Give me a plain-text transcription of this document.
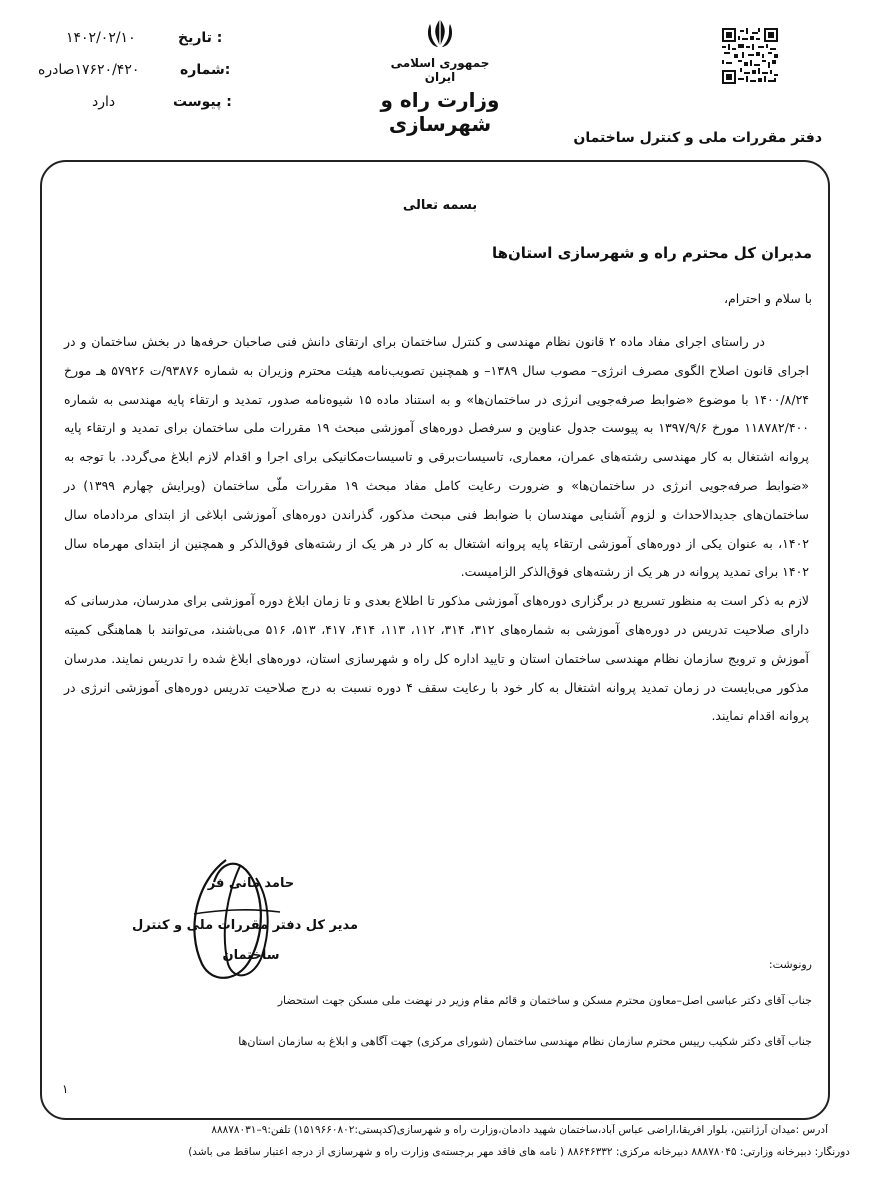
تاریخ :
۱۴۰۲/۰۲/۱۰
شماره:
۱۷۶۲۰/۴۲۰صادره
پیوست :
دارد
جمهوری اسلامی ایران
وزارت راه و شهرسازی
دفتر مقررات ملی و کنترل ساختمان
بسمه تعالی
مدیران کل محترم راه و شهرسازی استان‌ها
با سلام و احترام،

در راستای اجرای مفاد ماده ۲ قانون نظام مهندسی و کنترل ساختمان برای ارتقای دانش فنی صاحبان حرفه‌ها در بخش ساختمان و در اجرای قانون اصلاح الگوی مصرف انرژی– مصوب سال ۱۳۸۹– و همچنین تصویب‌نامه هیئت محترم وزیران به شماره ۹۳۸۷۶/ت ۵۷۹۲۶ هـ مورخ ۱۴۰۰/۸/۲۴ با موضوع «ضوابط صرفه‌جویی انرژی در ساختمان‌ها» و به استناد ماده ۱۵ شیوه‌نامه صدور، تمدید و ارتقاء پایه مهندسی به شماره ۱۱۸۷۸۲/۴۰۰ مورخ ۱۳۹۷/۹/۶ به پیوست جدول عناوین و سرفصل دوره‌های آموزشی مبحث ۱۹ مقررات ملی ساختمان برای تمدید و ارتقاء پایه پروانه اشتغال به کار مهندسی رشته‌های عمران، معماری، تاسیسات‌برقی و تاسیسات‌مکانیکی برای اجرا و اقدام لازم ابلاغ می‌گردد. با توجه به «ضوابط صرفه‌جویی انرژی در ساختمان‌ها» و ضرورت رعایت کامل مفاد مبحث ۱۹ مقررات ملّی ساختمان (ویرایش چهارم ۱۳۹۹) در ساختمان‌های جدیدالاحداث و لزوم آشنایی مهندسان با ضوابط فنی مبحث مذکور، گذراندن دوره‌های آموزشی ابلاغی از ابتدای مردادماه سال ۱۴۰۲، به عنوان یکی از دوره‌های آموزشی ارتقاء پایه پروانه اشتغال به کار در هر یک از رشته‌های فوق‌الذکر و همچنین از ابتدای مهرماه سال ۱۴۰۲ برای تمدید پروانه در هر یک از رشته‌های فوق‌الذکر الزامیست.

لازم به ذکر است به منظور تسریع در برگزاری دوره‌های آموزشی مذکور تا اطلاع بعدی و تا زمان ابلاغ دوره آموزشی برای مدرسان، مدرسانی که دارای صلاحیت تدریس در دوره‌های آموزشی به شماره‌های ۳۱۲، ۳۱۴، ۱۱۲، ۱۱۳، ۴۱۴، ۴۱۷، ۵۱۳، ۵۱۶ می‌باشند، می‌توانند با هماهنگی کمیته آموزش و ترویج سازمان نظام مهندسی ساختمان استان و تایید اداره کل راه و شهرسازی استان، دوره‌های ابلاغ شده را تدریس نمایند. مدرسان مذکور می‌بایست در زمان تمدید پروانه اشتغال به کار خود با رعایت سقف ۴ دوره نسبت به درج صلاحیت تدریس دوره‌های آموزشی انرژی در پروانه اقدام نمایند.

حامد مانی فر
مدیر کل دفتر مقررات ملی و کنترل
ساختمان
رونوشت:
جناب آقای دکتر عباسی اصل–معاون محترم مسکن و ساختمان و قائم مقام وزیر در نهضت ملی مسکن جهت استحضار
جناب آقای دکتر شکیب رییس محترم سازمان نظام مهندسی ساختمان (شورای مرکزی) جهت آگاهی و ابلاغ به سازمان استان‌ها
۱
آدرس :میدان آرژانتین، بلوار افریقا،اراضی عباس آباد،ساختمان شهید دادمان،وزارت راه و شهرسازی(کدپستی:۱۵۱۹۶۶۰۸۰۲) تلفن:۹–۸۸۸۷۸۰۳۱
دورنگار: دبیرخانه وزارتی: ۸۸۸۷۸۰۴۵ دبیرخانه مرکزی: ۸۸۶۴۶۳۳۲ ( نامه های فاقد مهر برجسته‌ی وزارت راه و شهرسازی از درجه اعتبار ساقط می باشد)
